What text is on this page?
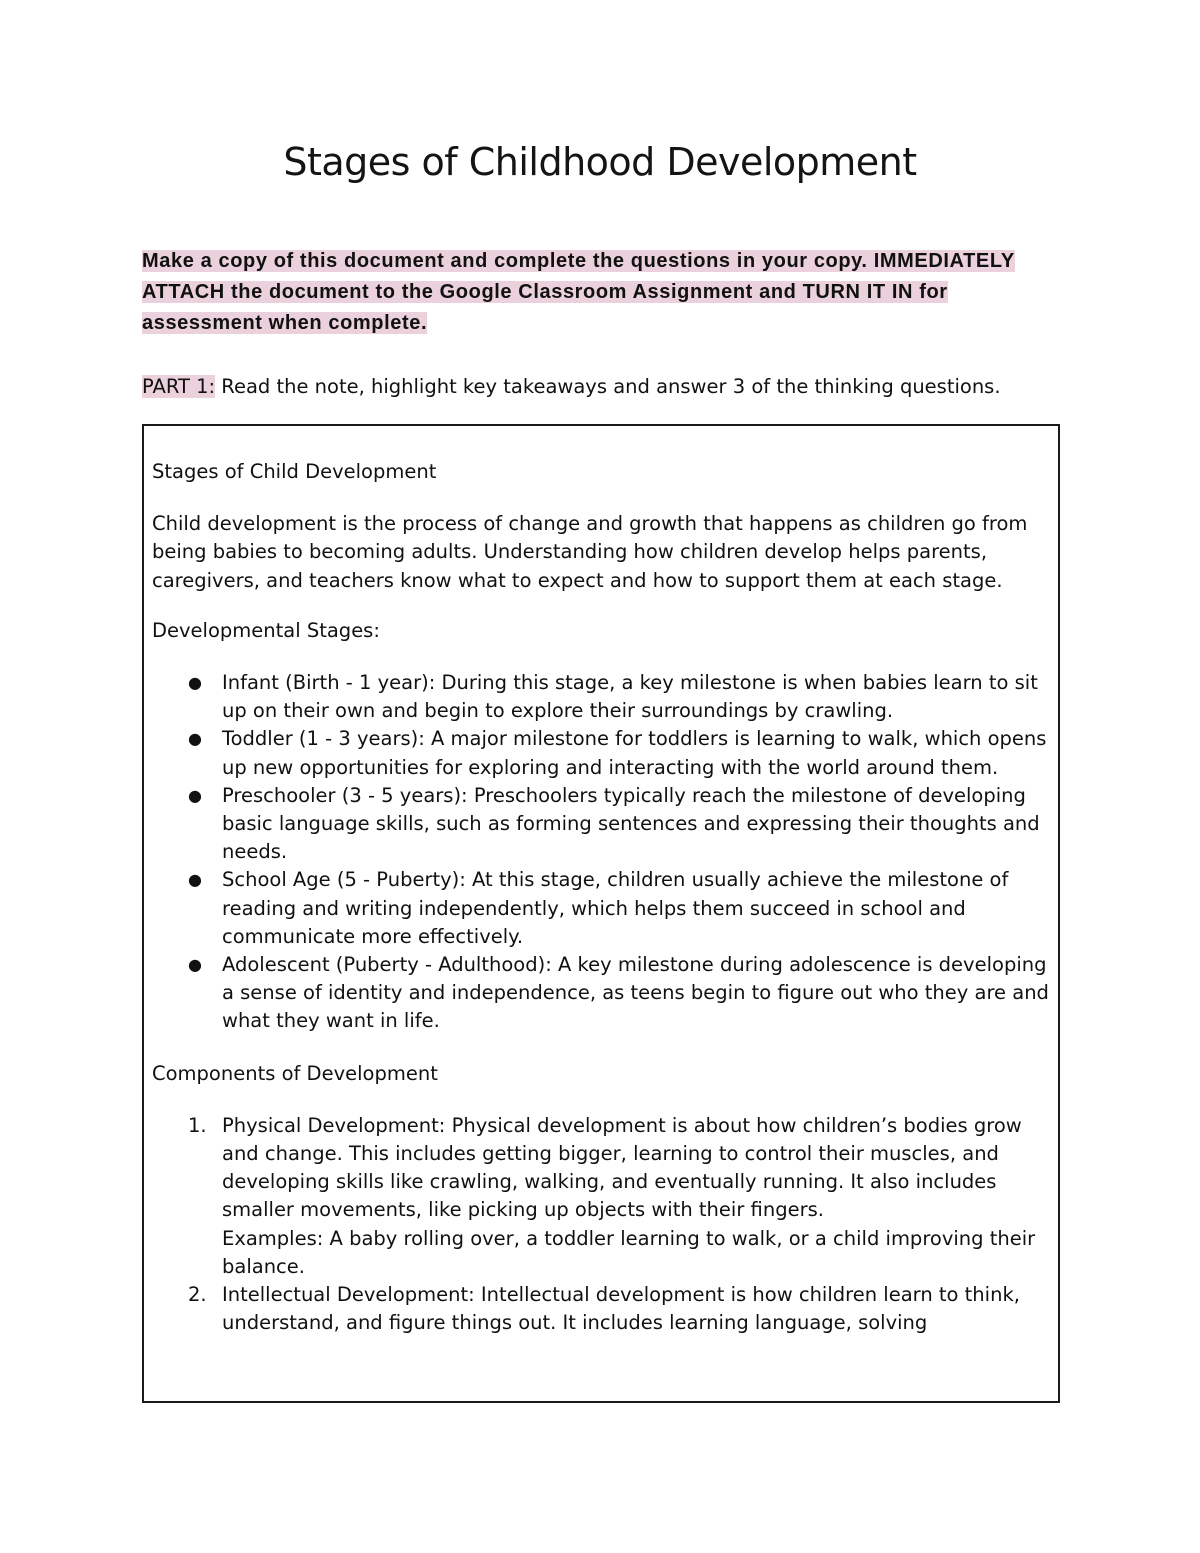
Stages of Childhood Development
Make a copy of this document and complete the questions in your copy. IMMEDIATELY ATTACH the document to the Google Classroom Assignment and TURN IT IN for assessment when complete.
PART 1: Read the note, highlight key takeaways and answer 3 of the thinking questions.

Stages of Child Development

Child development is the process of change and growth that happens as children go from being babies to becoming adults. Understanding how children develop helps parents, caregivers, and teachers know what to expect and how to support them at each stage.

Developmental Stages:

● Infant (Birth - 1 year): During this stage, a key milestone is when babies learn to sit up on their own and begin to explore their surroundings by crawling.
● Toddler (1 - 3 years): A major milestone for toddlers is learning to walk, which opens up new opportunities for exploring and interacting with the world around them.
● Preschooler (3 - 5 years): Preschoolers typically reach the milestone of developing basic language skills, such as forming sentences and expressing their thoughts and needs.
● School Age (5 - Puberty): At this stage, children usually achieve the milestone of reading and writing independently, which helps them succeed in school and communicate more effectively.
● Adolescent (Puberty - Adulthood): A key milestone during adolescence is developing a sense of identity and independence, as teens begin to figure out who they are and what they want in life.

Components of Development

1. Physical Development: Physical development is about how children’s bodies grow and change. This includes getting bigger, learning to control their muscles, and developing skills like crawling, walking, and eventually running. It also includes smaller movements, like picking up objects with their fingers.
Examples: A baby rolling over, a toddler learning to walk, or a child improving their balance.
2. Intellectual Development: Intellectual development is how children learn to think, understand, and figure things out. It includes learning language, solving
